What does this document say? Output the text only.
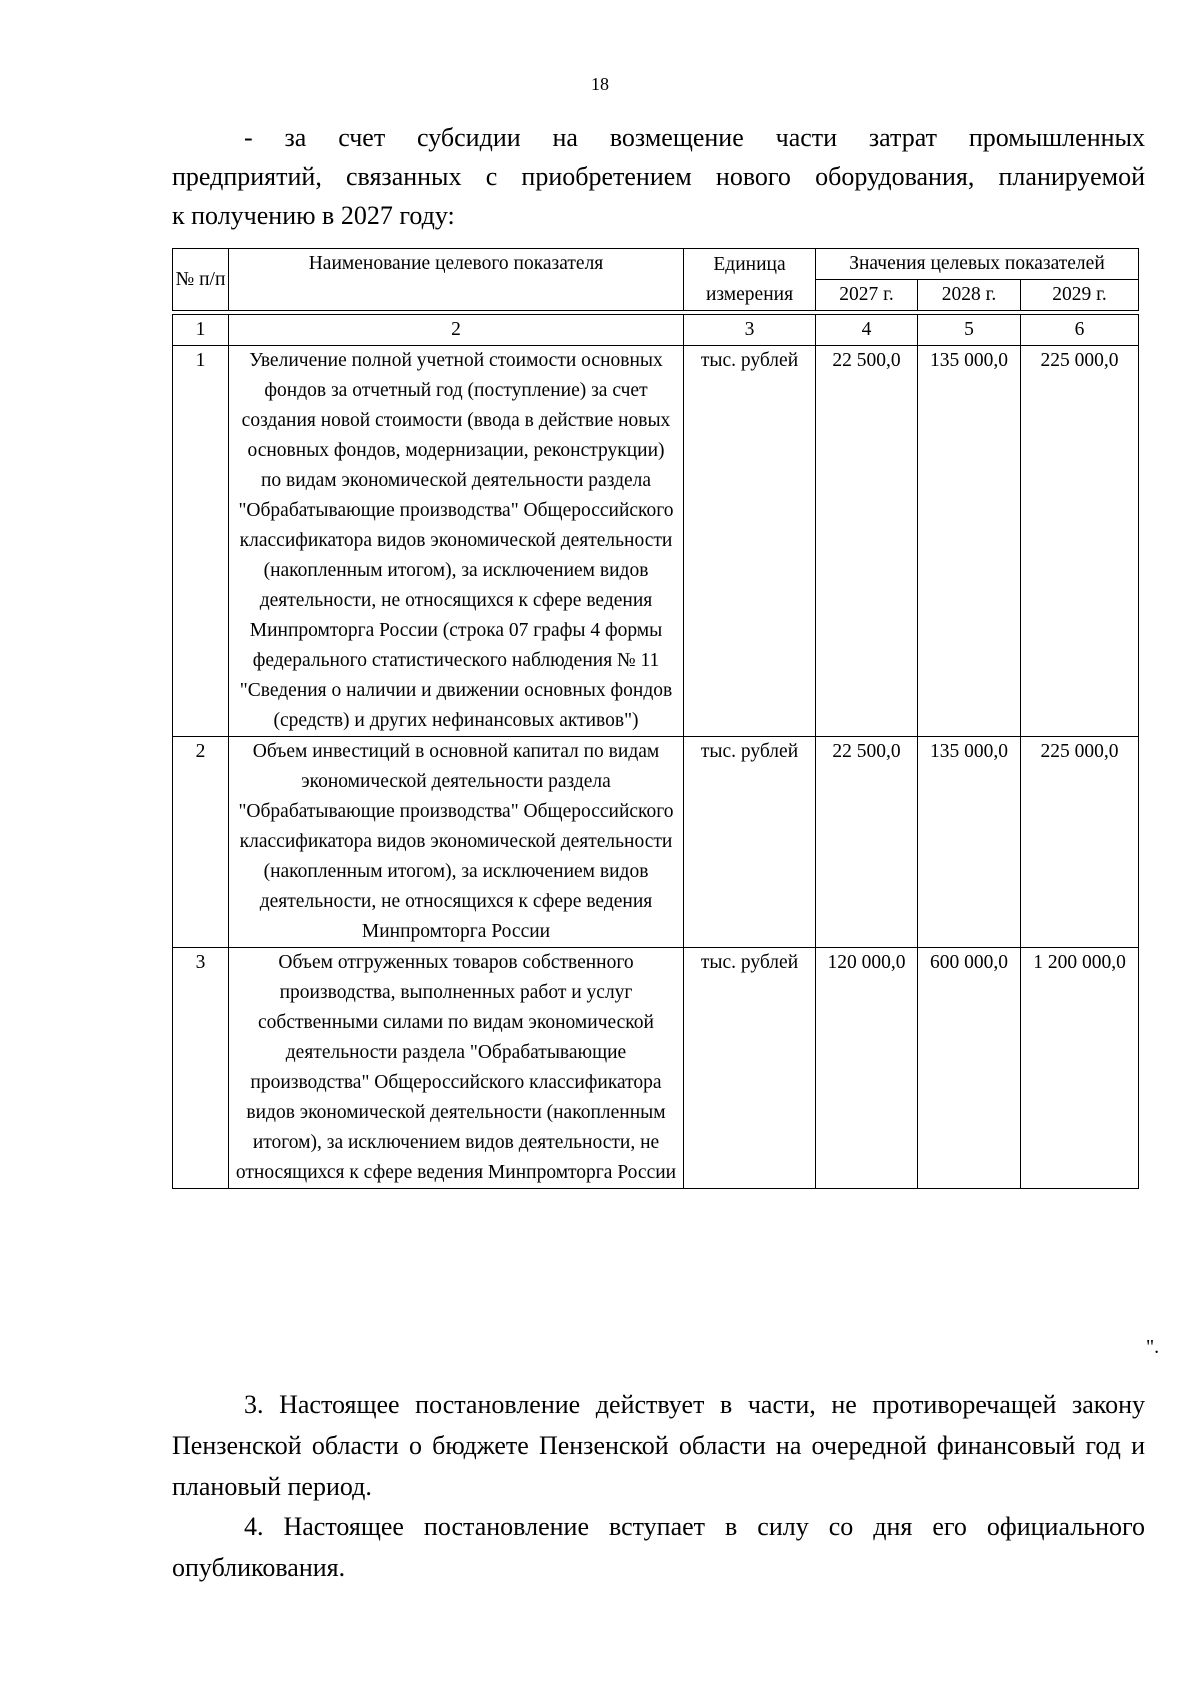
18
- за счет субсидии на возмещение части затрат промышленных
предприятий, связанных с приобретением нового оборудования, планируемой
к получению в 2027 году:
№ п/п	Наименование целевого показателя	Единица измерения	Значения целевых показателей		
			2027 г.	2028 г.	2029 г.
1	2	3	4	5	6
1	Увеличение полной учетной стоимости основных фондов за отчетный год (поступление) за счет создания новой стоимости (ввода в действие новых основных фондов, модернизации, реконструкции) по видам экономической деятельности раздела "Обрабатывающие производства" Общероссийского классификатора видов экономической деятельности (накопленным итогом), за исключением видов деятельности, не относящихся к сфере ведения Минпромторга России (строка 07 графы 4 формы федерального статистического наблюдения № 11 "Сведения о наличии и движении основных фондов (средств) и других нефинансовых активов")	тыс. рублей	22 500,0	135 000,0	225 000,0
2	Объем инвестиций в основной капитал по видам экономической деятельности раздела "Обрабатывающие производства" Общероссийского классификатора видов экономической деятельности (накопленным итогом), за исключением видов деятельности, не относящихся к сфере ведения Минпромторга России	тыс. рублей	22 500,0	135 000,0	225 000,0
3	Объем отгруженных товаров собственного производства, выполненных работ и услуг собственными силами по видам экономической деятельности раздела "Обрабатывающие производства" Общероссийского классификатора видов экономической деятельности (накопленным итогом), за исключением видов деятельности, не относящихся к сфере ведения Минпромторга России	тыс. рублей	120 000,0	600 000,0	1 200 000,0
".
3. Настоящее постановление действует в части, не противоречащей закону Пензенской области о бюджете Пензенской области на очередной финансовый год и плановый период.
4. Настоящее постановление вступает в силу со дня его официального опубликования.
